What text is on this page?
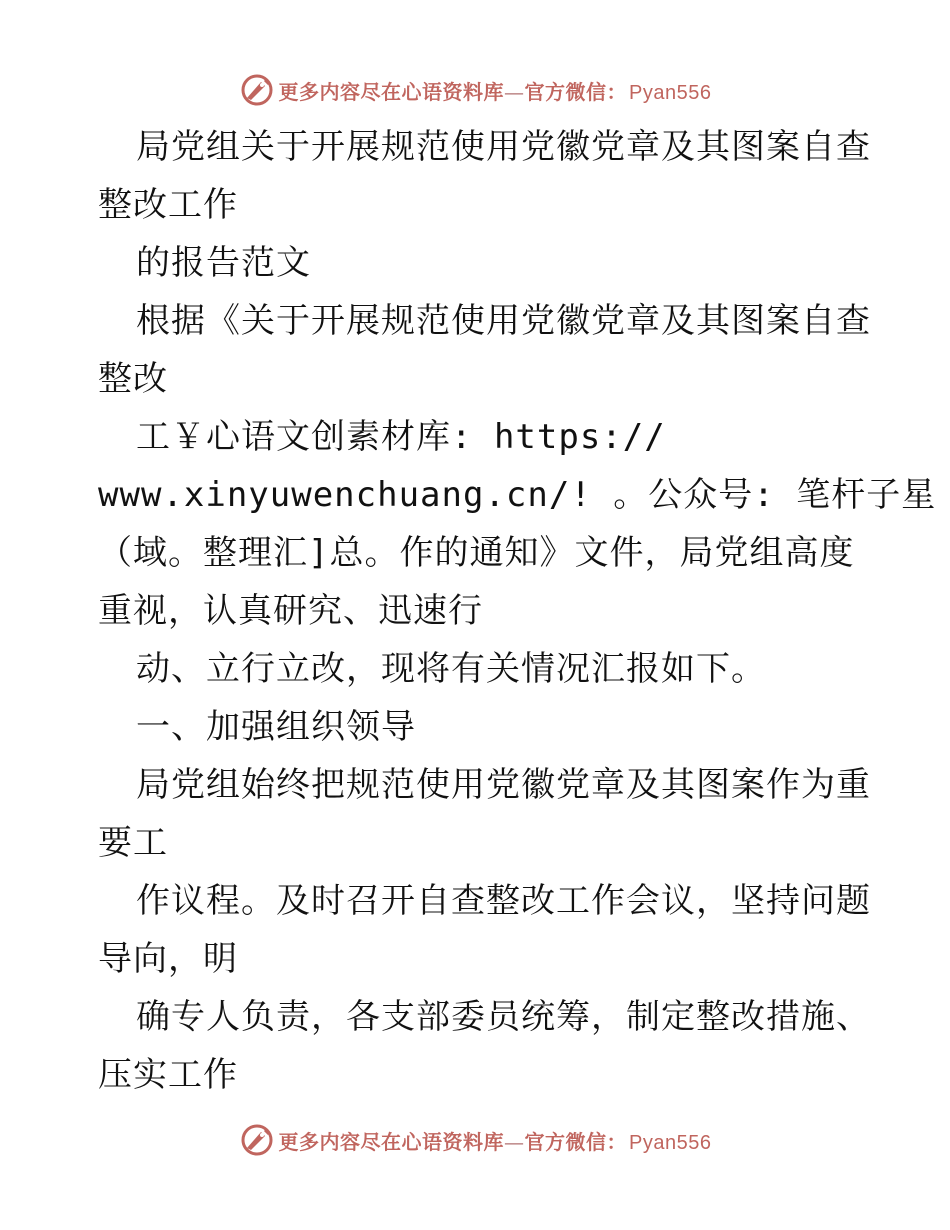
更多内容尽在心语资料库—官方微信： Pyan556
局党组关于开展规范使用党徽党章及其图案自查
整改工作
的报告范文
根据《关于开展规范使用党徽党章及其图案自查
整改
工￥心语文创素材库: https://
www.xinyuwenchuang.cn/! 。公众号: 笔杆子星
（域。整理汇]总。作的通知》文件，局党组高度
重视，认真研究、迅速行
动、立行立改，现将有关情况汇报如下。
一、加强组织领导
局党组始终把规范使用党徽党章及其图案作为重
要工
作议程。及时召开自查整改工作会议，坚持问题
导向，明
确专人负责，各支部委员统筹，制定整改措施、
压实工作
更多内容尽在心语资料库—官方微信： Pyan556
